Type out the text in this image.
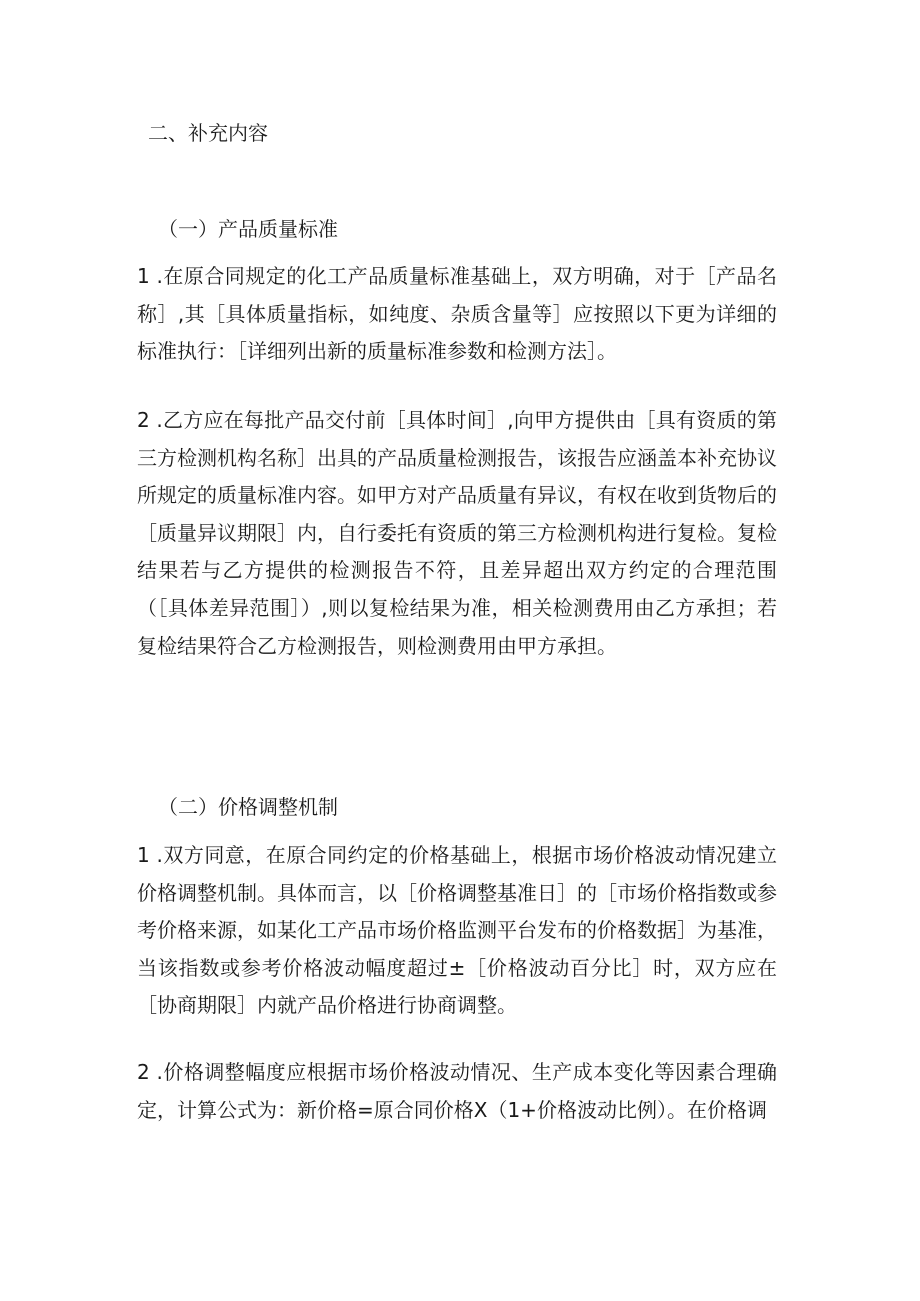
二、补充内容
（一）产品质量标准

1 .在原合同规定的化工产品质量标准基础上，双方明确，对于［产品名称］,其［具体质量指标，如纯度、杂质含量等］应按照以下更为详细的标准执行：［详细列出新的质量标准参数和检测方法］。

2 .乙方应在每批产品交付前［具体时间］,向甲方提供由［具有资质的第三方检测机构名称］出具的产品质量检测报告，该报告应涵盖本补充协议所规定的质量标准内容。如甲方对产品质量有异议，有权在收到货物后的［质量异议期限］内，自行委托有资质的第三方检测机构进行复检。复检结果若与乙方提供的检测报告不符，且差异超出双方约定的合理范围（［具体差异范围］）,则以复检结果为准，相关检测费用由乙方承担；若复检结果符合乙方检测报告，则检测费用由甲方承担。

（二）价格调整机制

1 .双方同意，在原合同约定的价格基础上，根据市场价格波动情况建立价格调整机制。具体而言，以［价格调整基准日］的［市场价格指数或参考价格来源，如某化工产品市场价格监测平台发布的价格数据］为基准，当该指数或参考价格波动幅度超过±［价格波动百分比］时，双方应在［协商期限］内就产品价格进行协商调整。

2 .价格调整幅度应根据市场价格波动情况、生产成本变化等因素合理确定，计算公式为：新价格=原合同价格X（1+价格波动比例）。在价格调
